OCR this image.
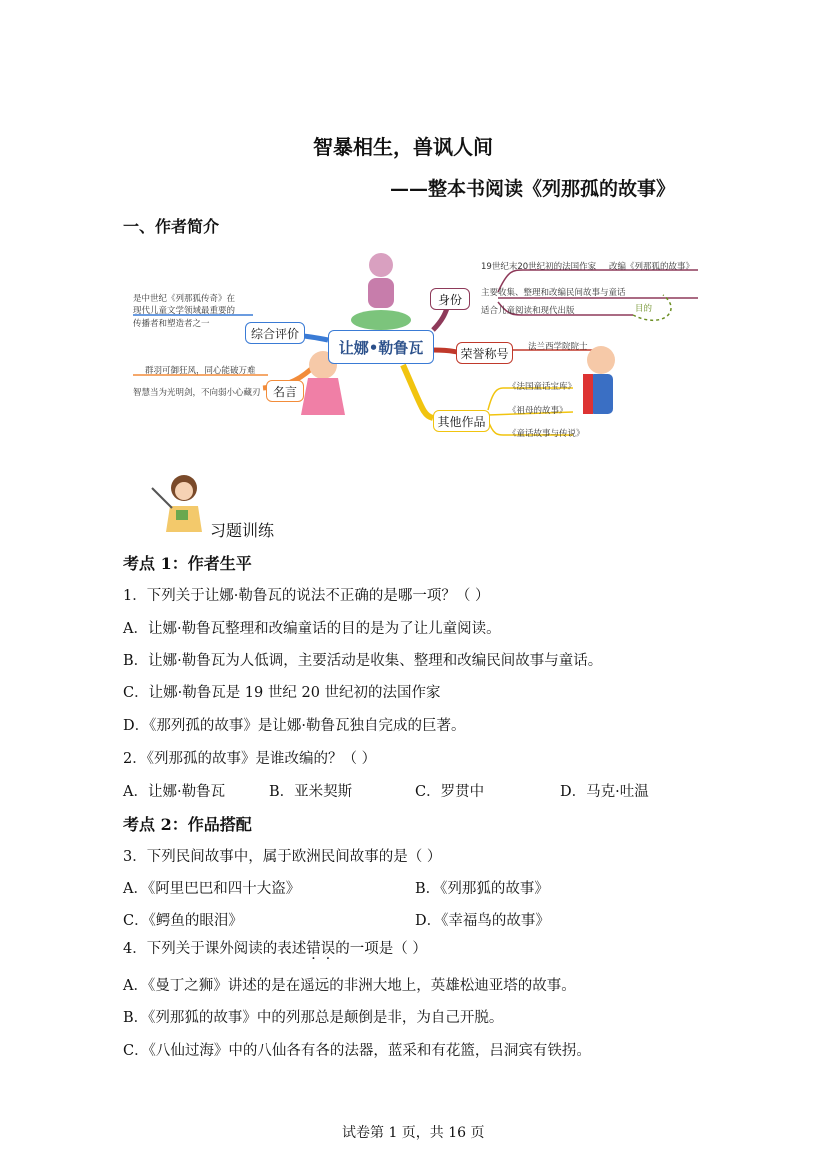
智暴相生，兽讽人间
——整本书阅读《列那孤的故事》
一、作者简介
让娜•勒鲁瓦
综合评价
名言
身份
荣誉称号
其他作品
是中世纪《列那狐传奇》在
现代儿童文学领域最重要的
传播者和塑造者之一
群羽可御狂风，同心能破万难
智慧当为光明剑，不向弱小心藏刃
19世纪末20世纪初的法国作家 改编《列那狐的故事》
主要收集、整理和改编民间故事与童话
适合儿童阅读和现代出版	目的
法兰西学院院士
《法国童话宝库》
《祖母的故事》
《童话故事与传说》
习题训练
考点 1：作者生平
1．下列关于让娜·勒鲁瓦的说法不正确的是哪一项？（ ）
A．让娜·勒鲁瓦整理和改编童话的目的是为了让儿童阅读。
B．让娜·勒鲁瓦为人低调，主要活动是收集、整理和改编民间故事与童话。
C．让娜·勒鲁瓦是 19 世纪 20 世纪初的法国作家
D．《那列孤的故事》是让娜·勒鲁瓦独自完成的巨著。
2．《列那孤的故事》是谁改编的？（ ）
A．让娜·勒鲁瓦	B．亚米契斯	C．罗贯中	D．马克·吐温
考点 2：作品搭配
3．下列民间故事中，属于欧洲民间故事的是（ ）
A．《阿里巴巴和四十大盗》	B．《列那狐的故事》
C．《鳄鱼的眼泪》	D．《幸福鸟的故事》
4．下列关于课外阅读的表述错误的一项是（ ）
A．《曼丁之狮》讲述的是在遥远的非洲大地上，英雄松迪亚塔的故事。
B．《列那狐的故事》中的列那总是颠倒是非，为自己开脱。
C．《八仙过海》中的八仙各有各的法器，蓝采和有花篮，吕洞宾有铁拐。
试卷第 1 页，共 16 页
